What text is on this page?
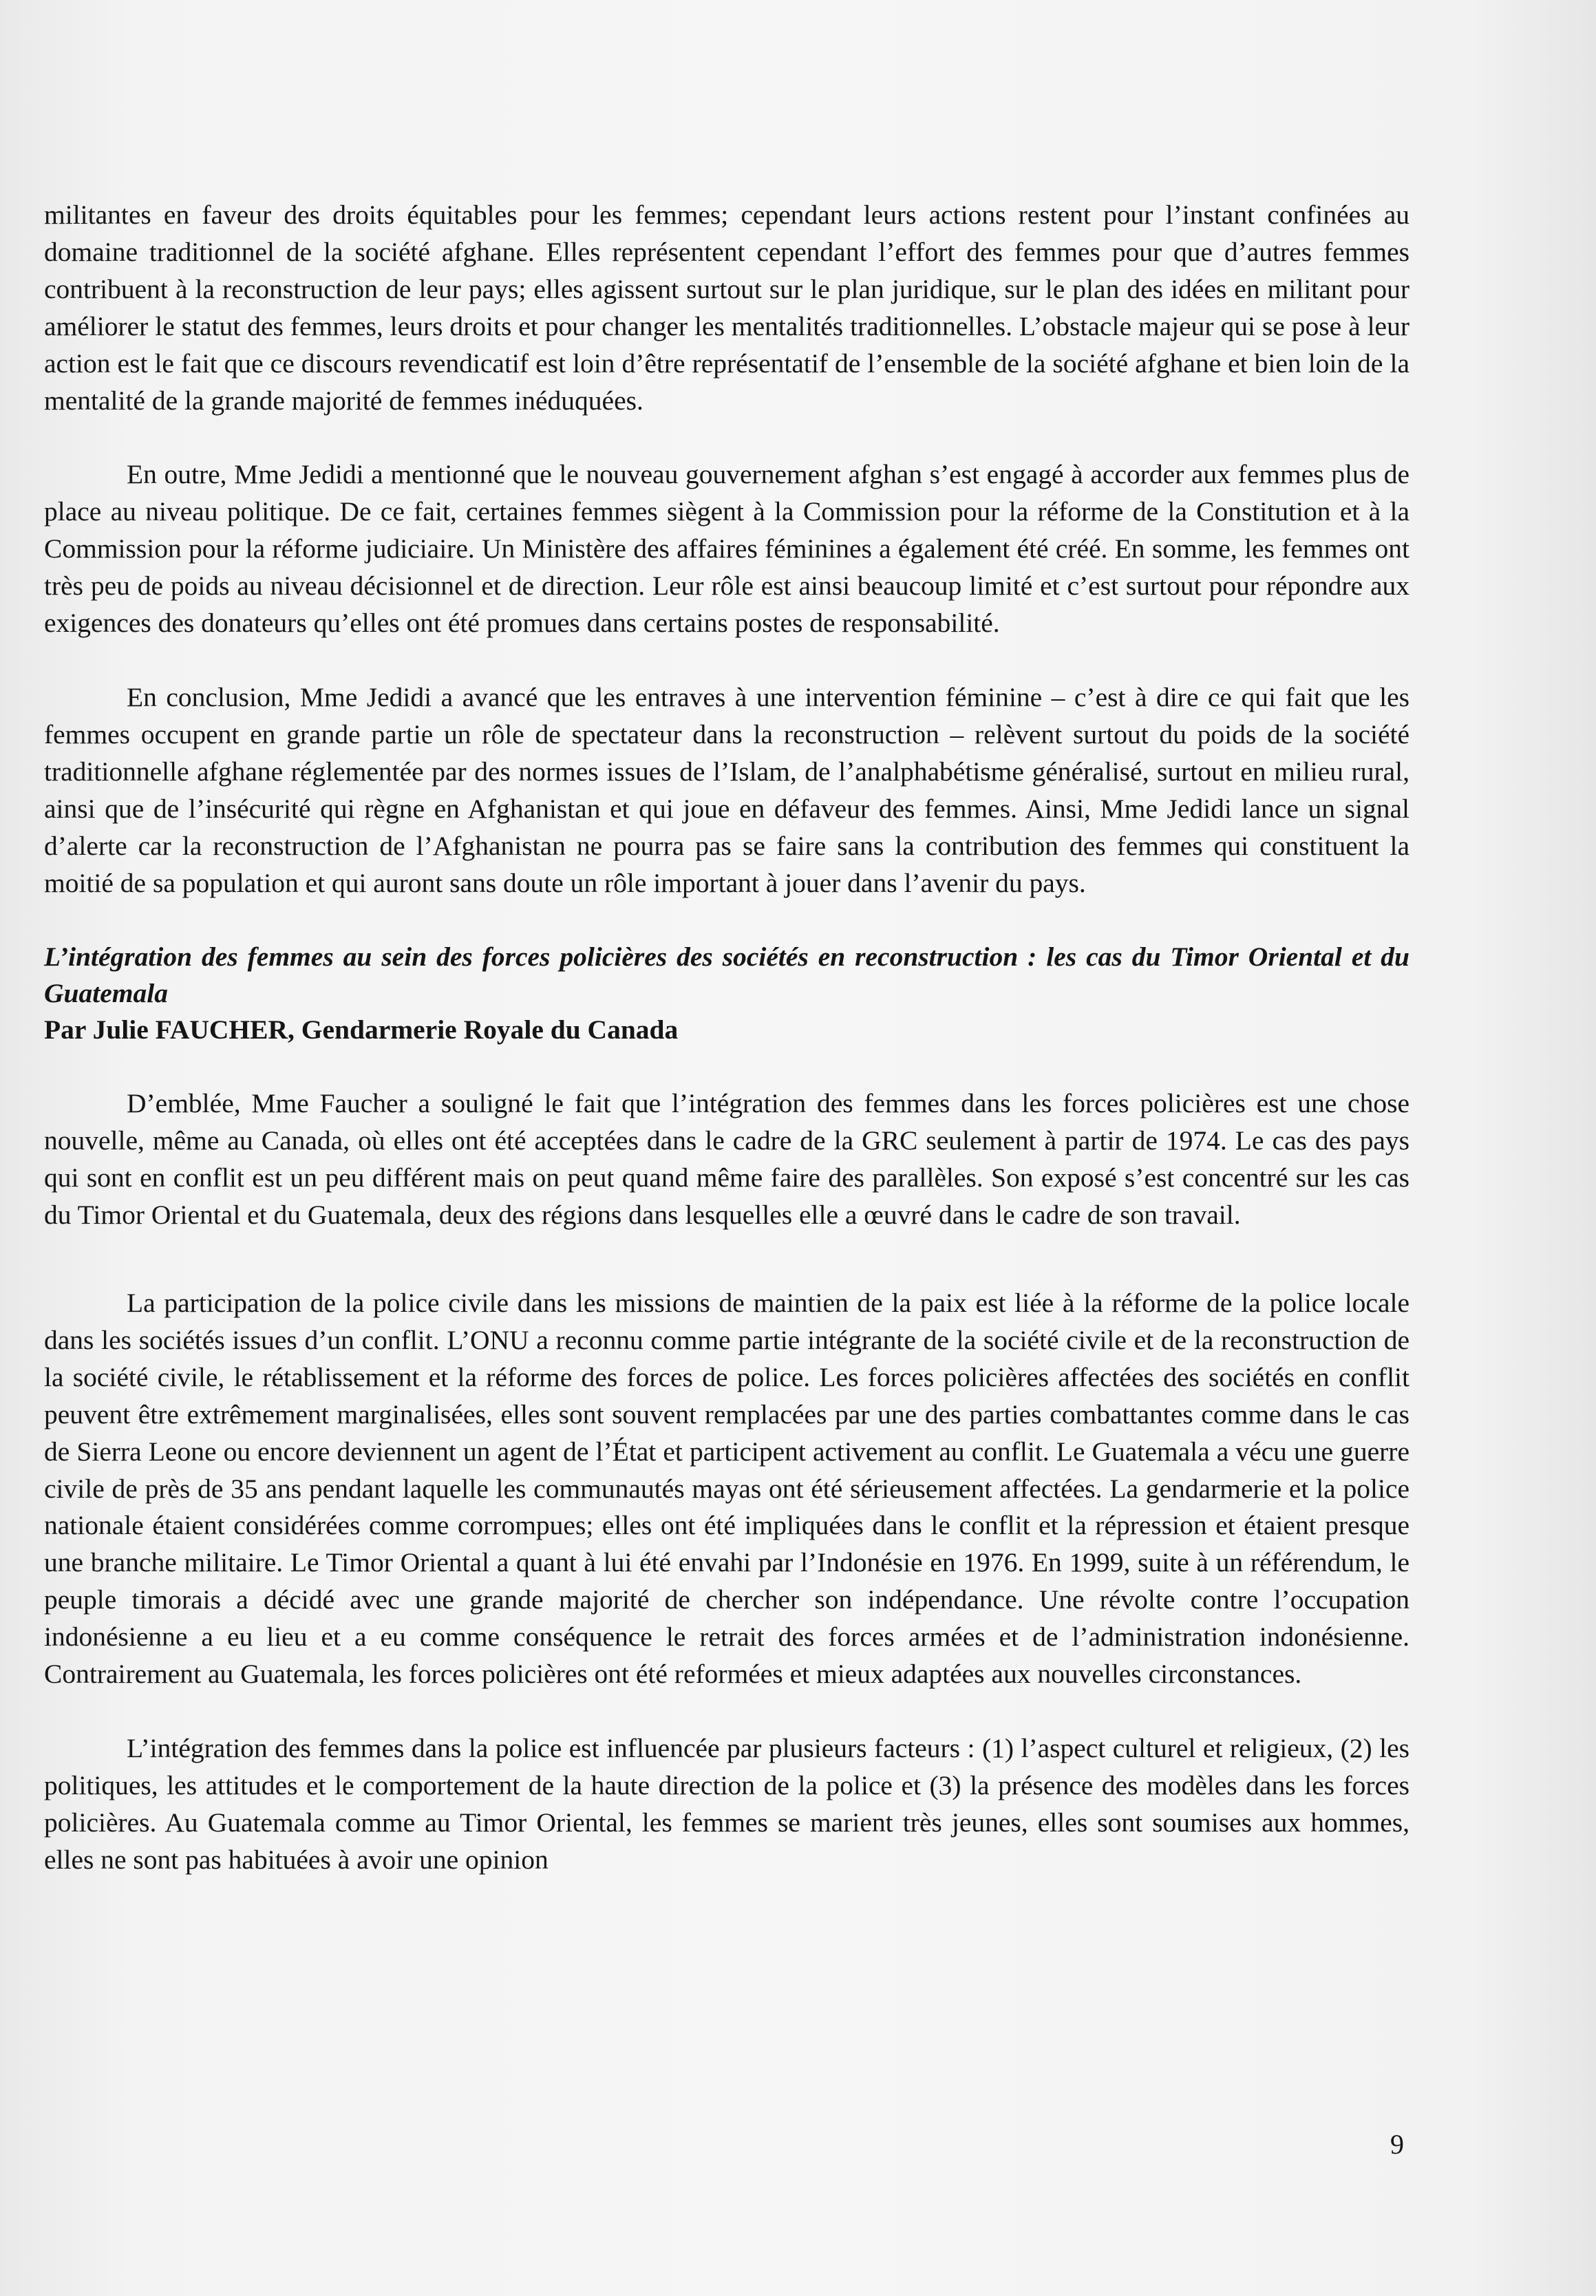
militantes en faveur des droits équitables pour les femmes; cependant leurs actions restent pour l’instant confinées au domaine traditionnel de la société afghane. Elles représentent cependant l’effort des femmes pour que d’autres femmes contribuent à la reconstruction de leur pays; elles agissent surtout sur le plan juridique, sur le plan des idées en militant pour améliorer le statut des femmes, leurs droits et pour changer les mentalités traditionnelles. L’obstacle majeur qui se pose à leur action est le fait que ce discours revendicatif est loin d’être représentatif de l’ensemble de la société afghane et bien loin de la mentalité de la grande majorité de femmes inéduquées.

En outre, Mme Jedidi a mentionné que le nouveau gouvernement afghan s’est engagé à accorder aux femmes plus de place au niveau politique. De ce fait, certaines femmes siègent à la Commission pour la réforme de la Constitution et à la Commission pour la réforme judiciaire. Un Ministère des affaires féminines a également été créé. En somme, les femmes ont très peu de poids au niveau décisionnel et de direction. Leur rôle est ainsi beaucoup limité et c’est surtout pour répondre aux exigences des donateurs qu’elles ont été promues dans certains postes de responsabilité.

En conclusion, Mme Jedidi a avancé que les entraves à une intervention féminine – c’est à dire ce qui fait que les femmes occupent en grande partie un rôle de spectateur dans la reconstruction – relèvent surtout du poids de la société traditionnelle afghane réglementée par des normes issues de l’Islam, de l’analphabétisme généralisé, surtout en milieu rural, ainsi que de l’insécurité qui règne en Afghanistan et qui joue en défaveur des femmes. Ainsi, Mme Jedidi lance un signal d’alerte car la reconstruction de l’Afghanistan ne pourra pas se faire sans la contribution des femmes qui constituent la moitié de sa population et qui auront sans doute un rôle important à jouer dans l’avenir du pays.

L’intégration des femmes au sein des forces policières des sociétés en reconstruction : les cas du Timor Oriental et du Guatemala

Par Julie FAUCHER, Gendarmerie Royale du Canada

D’emblée, Mme Faucher a souligné le fait que l’intégration des femmes dans les forces policières est une chose nouvelle, même au Canada, où elles ont été acceptées dans le cadre de la GRC seulement à partir de 1974. Le cas des pays qui sont en conflit est un peu différent mais on peut quand même faire des parallèles. Son exposé s’est concentré sur les cas du Timor Oriental et du Guatemala, deux des régions dans lesquelles elle a œuvré dans le cadre de son travail.

La participation de la police civile dans les missions de maintien de la paix est liée à la réforme de la police locale dans les sociétés issues d’un conflit. L’ONU a reconnu comme partie intégrante de la société civile et de la reconstruction de la société civile, le rétablissement et la réforme des forces de police. Les forces policières affectées des sociétés en conflit peuvent être extrêmement marginalisées, elles sont souvent remplacées par une des parties combattantes comme dans le cas de Sierra Leone ou encore deviennent un agent de l’État et participent activement au conflit. Le Guatemala a vécu une guerre civile de près de 35 ans pendant laquelle les communautés mayas ont été sérieusement affectées. La gendarmerie et la police nationale étaient considérées comme corrompues; elles ont été impliquées dans le conflit et la répression et étaient presque une branche militaire. Le Timor Oriental a quant à lui été envahi par l’Indonésie en 1976. En 1999, suite à un référendum, le peuple timorais a décidé avec une grande majorité de chercher son indépendance. Une révolte contre l’occupation indonésienne a eu lieu et a eu comme conséquence le retrait des forces armées et de l’administration indonésienne. Contrairement au Guatemala, les forces policières ont été reformées et mieux adaptées aux nouvelles circonstances.

L’intégration des femmes dans la police est influencée par plusieurs facteurs : (1) l’aspect culturel et religieux, (2) les politiques, les attitudes et le comportement de la haute direction de la police et (3) la présence des modèles dans les forces policières. Au Guatemala comme au Timor Oriental, les femmes se marient très jeunes, elles sont soumises aux hommes, elles ne sont pas habituées à avoir une opinion

9
